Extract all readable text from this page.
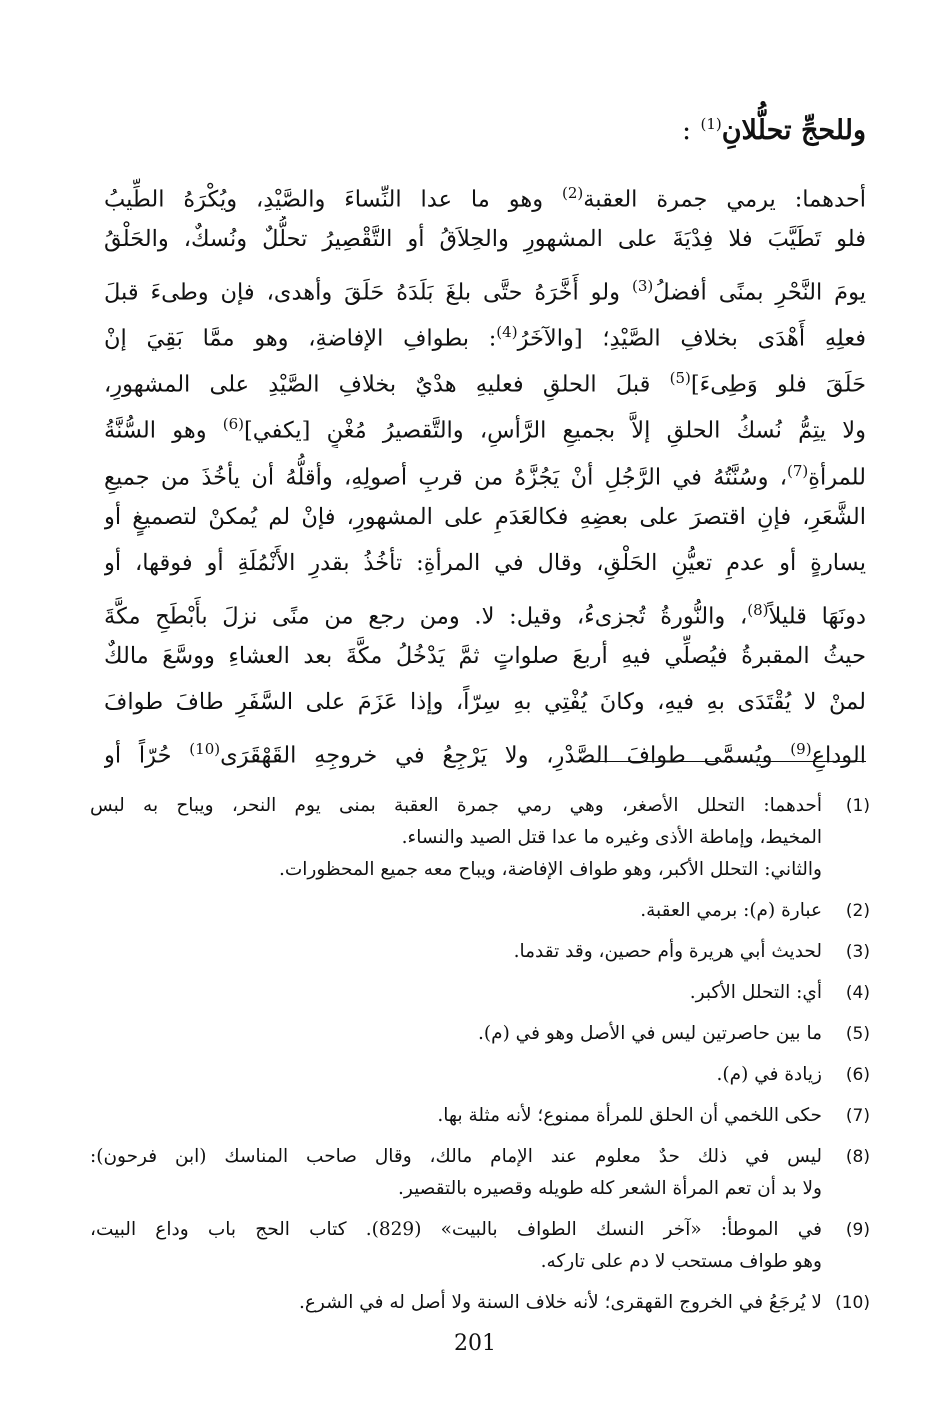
وللحجِّ تحلُّلانِ$^{(1)}$ :
أحدهما: يرمي جمرة العقبة$^{(2)}$ وهو ما عدا النِّساءَ والصَّيْدِ، ويُكْرَهُ الطِّيبُ
فلو تَطَيَّبَ فلا فِدْيَةَ على المشهورِ والحِلاَقُ أو التَّقْصِيرُ تحلُّلٌ ونُسكٌ، والحَلْقُ
يومَ النَّحْرِ بمنًى أفضلُ$^{(3)}$ ولو أَخَّرَهُ حتَّى بلغَ بَلَدَهُ حَلَقَ وأهدى، فإن وطىءَ قبلَ
فعلِهِ أَهْدَى بخلافِ الصَّيْدِ؛ [والآخَرُ$^{(4)}$: بطوافِ الإفاضةِ، وهو ممَّا بَقِيَ إنْ
حَلَقَ فلو وَطِىءَ]$^{(5)}$ قبلَ الحلقِ فعليهِ هدْيٌ بخلافِ الصَّيْدِ على المشهورِ،
ولا يتِمُّ نُسكُ الحلقِ إلاَّ بجميعِ الرَّأسِ، والتَّقصيرُ مُغْنٍ [يكفي]$^{(6)}$ وهو السُّنَّةُ
للمرأةِ$^{(7)}$، وسُنَّتُهُ في الرَّجُلِ أنْ يَجُزَّهُ من قربِ أصولِهِ، وأقلُّهُ أن يأخُذَ من جميعِ
الشَّعَرِ، فإنِ اقتصرَ على بعضِهِ فكالعَدَمِ على المشهورِ، فإنْ لم يُمكنْ لتصميغٍ أو
يسارةٍ أو عدمِ تعيُّنِ الحَلْقِ، وقال في المرأةِ: تأخُذُ بقدرِ الأَنْمُلَةِ أو فوقها، أو
دونَهَا قليلاً$^{(8)}$، والنُّورةُ تُجزىءُ، وقيل: لا. ومن رجع من منًى نزلَ بأَبْطَحِ مكَّةَ
حيثُ المقبرةُ فيُصلِّي فيهِ أربعَ صلواتٍ ثمَّ يَدْخُلُ مكَّةَ بعد العشاءِ ووسَّعَ مالكٌ
لمنْ لا يُقْتَدَى بهِ فيهِ، وكانَ يُفْتِي بهِ سِرّاً، وإذا عَزَمَ على السَّفَرِ طافَ طوافَ
الوداعِ$^{(9)}$ ويُسمَّى طوافَ الصَّدْرِ، ولا يَرْجِعُ في خروجِهِ القَهْقَرَى$^{(10)}$ حُرّاً أو
(1)
أحدهما: التحلل الأصغر، وهي رمي جمرة العقبة بمنى يوم النحر، ويباح به لبس
المخيط، وإماطة الأذى وغيره ما عدا قتل الصيد والنساء.
والثاني: التحلل الأكبر، وهو طواف الإفاضة، ويباح معه جميع المحظورات.
(2)
عبارة (م): برمي العقبة.
(3)
لحديث أبي هريرة وأم حصين، وقد تقدما.
(4)
أي: التحلل الأكبر.
(5)
ما بين حاصرتين ليس في الأصل وهو في (م).
(6)
زيادة في (م).
(7)
حكى اللخمي أن الحلق للمرأة ممنوع؛ لأنه مثلة بها.
(8)
ليس في ذلك حدٌ معلوم عند الإمام مالك، وقال صاحب المناسك (ابن فرحون):
ولا بد أن تعم المرأة الشعر كله طويله وقصيره بالتقصير.
(9)
في الموطأ: «آخر النسك الطواف بالبيت» (829). كتاب الحج باب وداع البيت،
وهو طواف مستحب لا دم على تاركه.
(10)
لا يُرجَعُ في الخروج القهقرى؛ لأنه خلاف السنة ولا أصل له في الشرع.
201
